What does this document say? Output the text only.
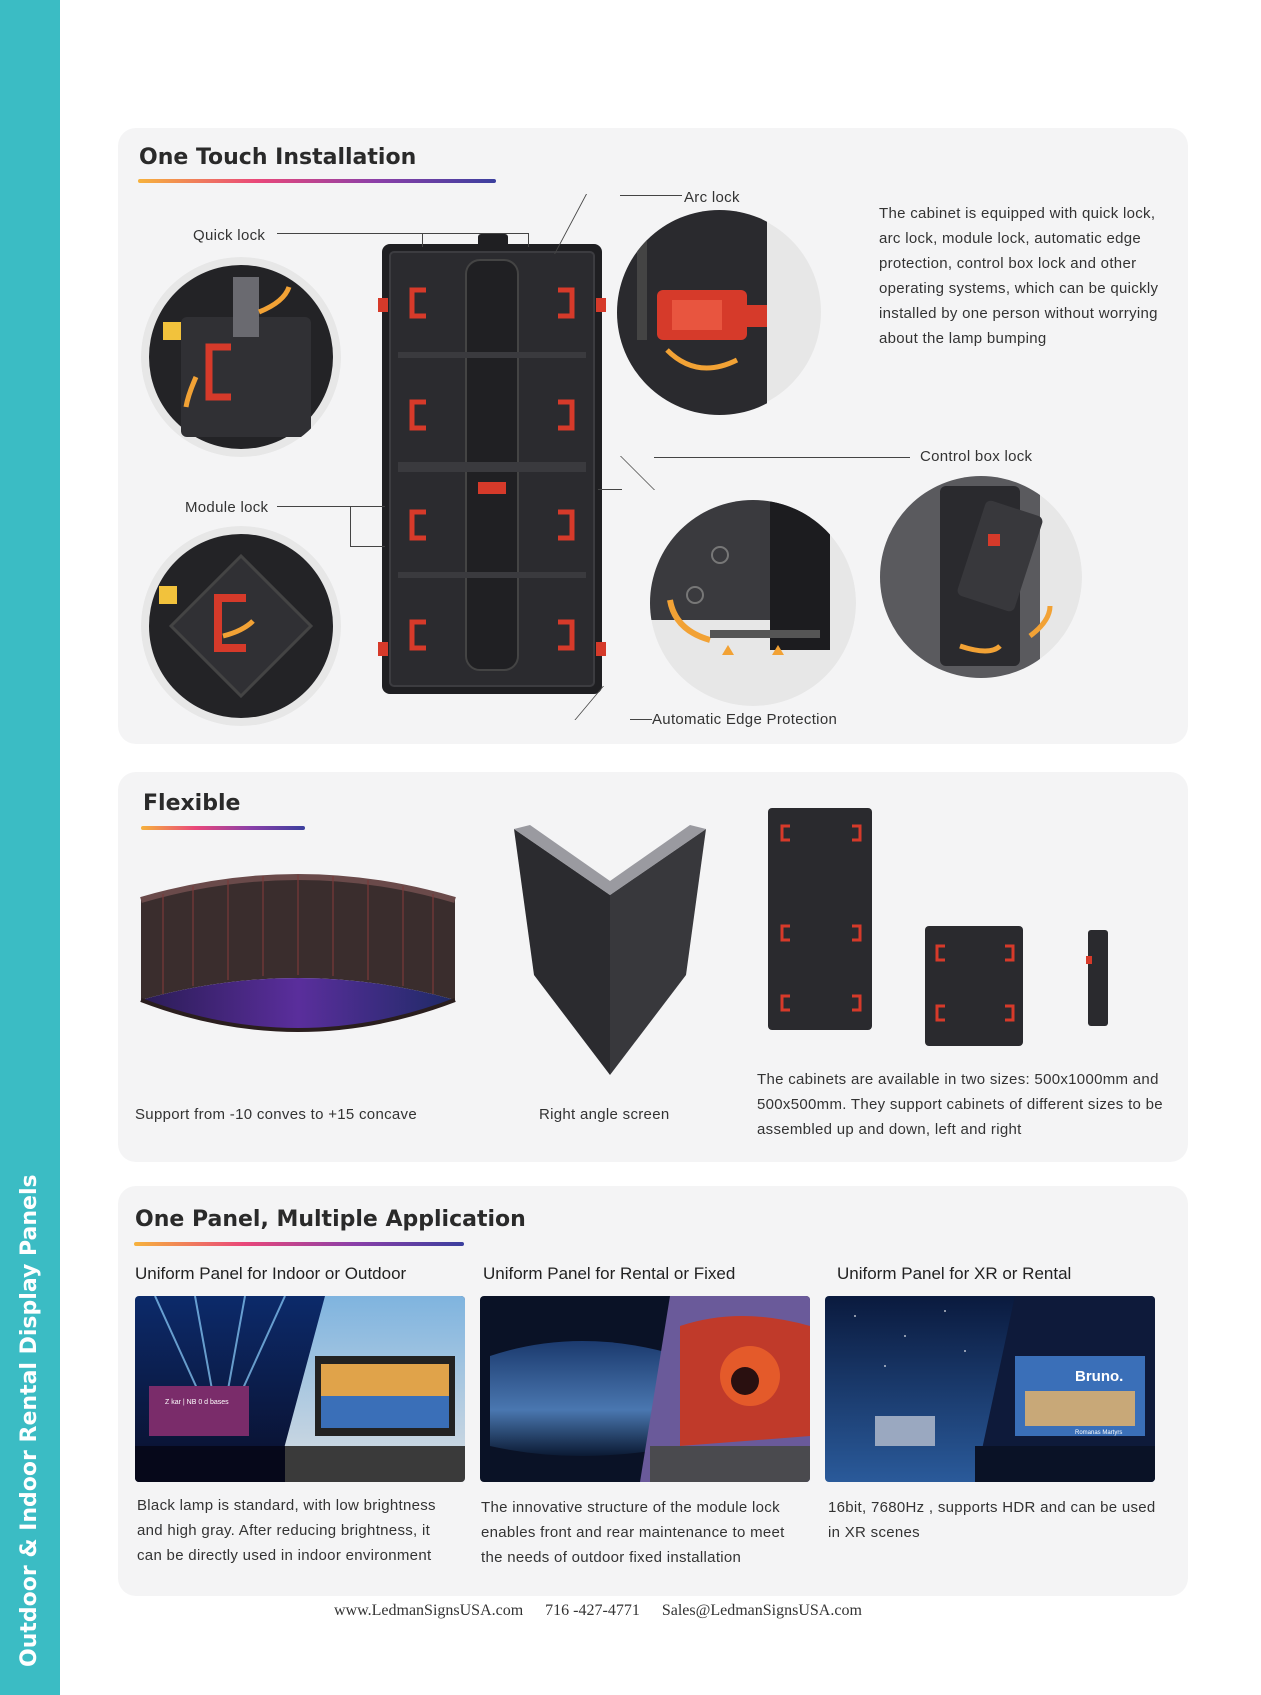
Outdoor & Indoor Rental Display Panels
One Touch Installation
Quick lock
Arc lock
The cabinet is equipped with quick lock, arc lock, module lock, automatic edge protection, control box lock and other operating systems, which can be quickly installed by one person without worrying about the lamp bumping
Module lock
Control box lock
Automatic Edge Protection
Flexible
Support from -10 conves to +15 concave	Right angle screen
The cabinets are available in two sizes: 500x1000mm and 500x500mm. They support cabinets of different sizes to be assembled up and down, left and right
One Panel, Multiple Application
Uniform Panel for Indoor or Outdoor	Uniform Panel for Rental or Fixed	Uniform Panel for XR or Rental
Z kar | NB 0 d bases
Bruno.
Romanas Martyrs
Black lamp is standard, with low brightness and high gray. After reducing brightness, it can be directly used in indoor environment
The innovative structure of the module lock enables front and rear maintenance to meet the needs of outdoor fixed installation
16bit, 7680Hz , supports HDR and can be used in XR scenes
www.LedmanSignsUSA.com 716 -427-4771 Sales@LedmanSignsUSA.com
